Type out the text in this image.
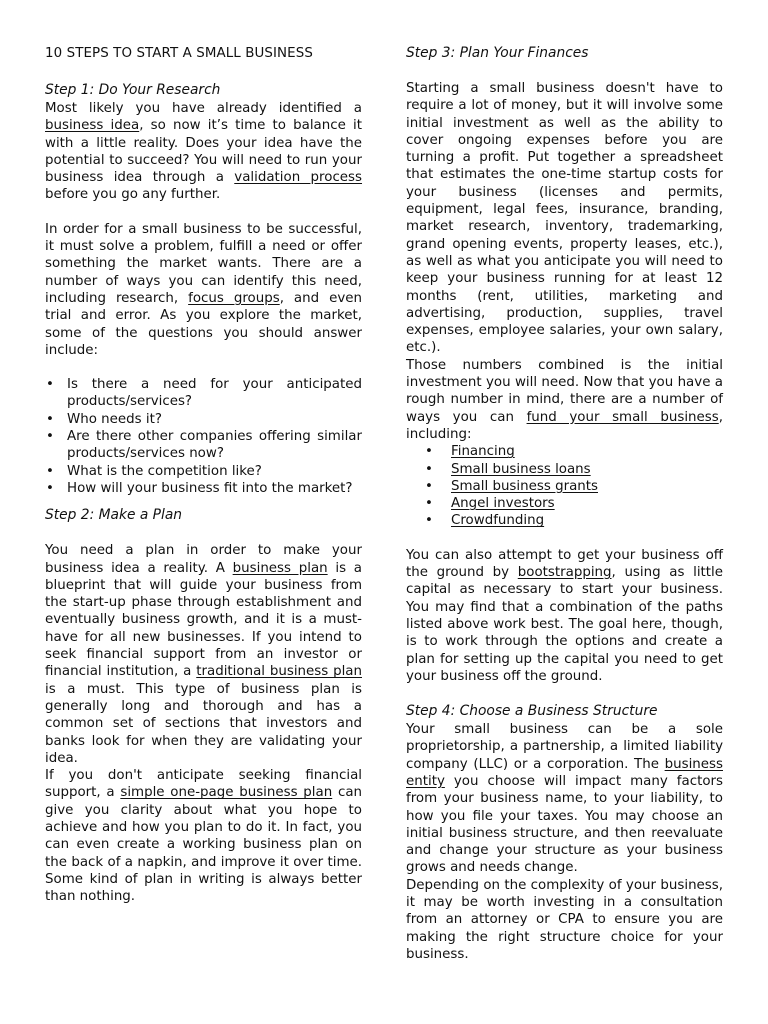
10 STEPS TO START A SMALL BUSINESS
Step 1: Do Your Research

Most likely you have already identified a business idea, so now it’s time to balance it with a little reality. Does your idea have the potential to succeed? You will need to run your business idea through a validation process before you go any further.

In order for a small business to be successful, it must solve a problem, fulfill a need or offer something the market wants. There are a number of ways you can identify this need, including research, focus groups, and even trial and error. As you explore the market, some of the questions you should answer include:

• Is there a need for your anticipated products/services?
• Who needs it?
• Are there other companies offering similar products/services now?
• What is the competition like?
• How will your business fit into the market?
Step 2: Make a Plan

You need a plan in order to make your business idea a reality. A business plan is a blueprint that will guide your business from the start-up phase through establishment and eventually business growth, and it is a must-have for all new businesses. If you intend to seek financial support from an investor or financial institution, a traditional business plan is a must. This type of business plan is generally long and thorough and has a common set of sections that investors and banks look for when they are validating your idea.

If you don't anticipate seeking financial support, a simple one-page business plan can give you clarity about what you hope to achieve and how you plan to do it. In fact, you can even create a working business plan on the back of a napkin, and improve it over time. Some kind of plan in writing is always better than nothing.

Step 3: Plan Your Finances

Starting a small business doesn't have to require a lot of money, but it will involve some initial investment as well as the ability to cover ongoing expenses before you are turning a profit. Put together a spreadsheet that estimates the one-time startup costs for your business (licenses and permits, equipment, legal fees, insurance, branding, market research, inventory, trademarking, grand opening events, property leases, etc.), as well as what you anticipate you will need to keep your business running for at least 12 months (rent, utilities, marketing and advertising, production, supplies, travel expenses, employee salaries, your own salary, etc.).

Those numbers combined is the initial investment you will need. Now that you have a rough number in mind, there are a number of ways you can fund your small business, including:

• Financing
• Small business loans
• Small business grants
• Angel investors
• Crowdfunding

You can also attempt to get your business off the ground by bootstrapping, using as little capital as necessary to start your business. You may find that a combination of the paths listed above work best. The goal here, though, is to work through the options and create a plan for setting up the capital you need to get your business off the ground.

Step 4: Choose a Business Structure

Your small business can be a sole proprietorship, a partnership, a limited liability company (LLC) or a corporation. The business entity you choose will impact many factors from your business name, to your liability, to how you file your taxes. You may choose an initial business structure, and then reevaluate and change your structure as your business grows and needs change.

Depending on the complexity of your business, it may be worth investing in a consultation from an attorney or CPA to ensure you are making the right structure choice for your business.
